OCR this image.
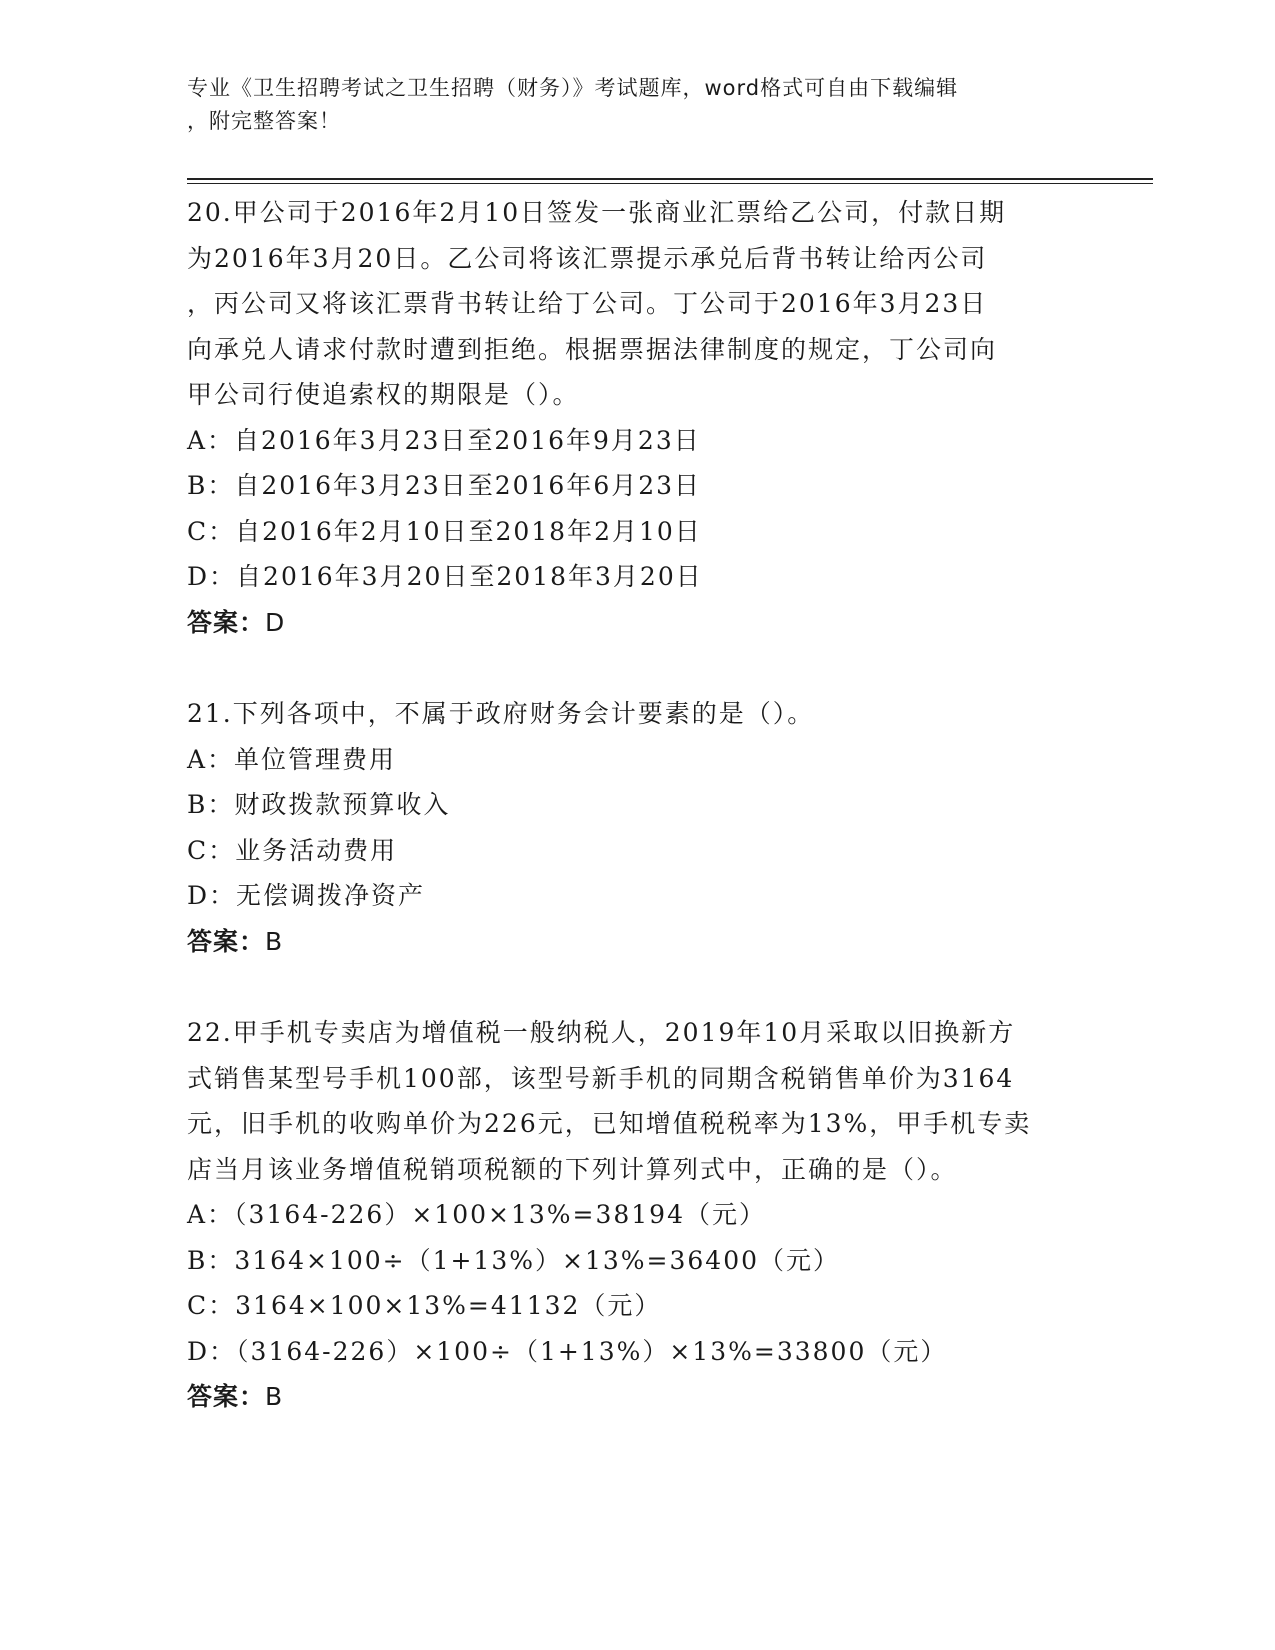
专业《卫生招聘考试之卫生招聘（财务）》考试题库，word格式可自由下载编辑
，附完整答案！
20.甲公司于2016年2月10日签发一张商业汇票给乙公司，付款日期
为2016年3月20日。乙公司将该汇票提示承兑后背书转让给丙公司
，丙公司又将该汇票背书转让给丁公司。丁公司于2016年3月23日
向承兑人请求付款时遭到拒绝。根据票据法律制度的规定，丁公司向
甲公司行使追索权的期限是（）。
A：自2016年3月23日至2016年9月23日
B：自2016年3月23日至2016年6月23日
C：自2016年2月10日至2018年2月10日
D：自2016年3月20日至2018年3月20日
答案：D
21.下列各项中，不属于政府财务会计要素的是（）。
A：单位管理费用
B：财政拨款预算收入
C：业务活动费用
D：无偿调拨净资产
答案：B
22.甲手机专卖店为增值税一般纳税人，2019年10月采取以旧换新方
式销售某型号手机100部，该型号新手机的同期含税销售单价为3164
元，旧手机的收购单价为226元，已知增值税税率为13%，甲手机专卖
店当月该业务增值税销项税额的下列计算列式中，正确的是（）。
A：（3164-226）×100×13%=38194（元）
B：3164×100÷（1+13%）×13%=36400（元）
C：3164×100×13%=41132（元）
D：（3164-226）×100÷（1+13%）×13%=33800（元）
答案：B
